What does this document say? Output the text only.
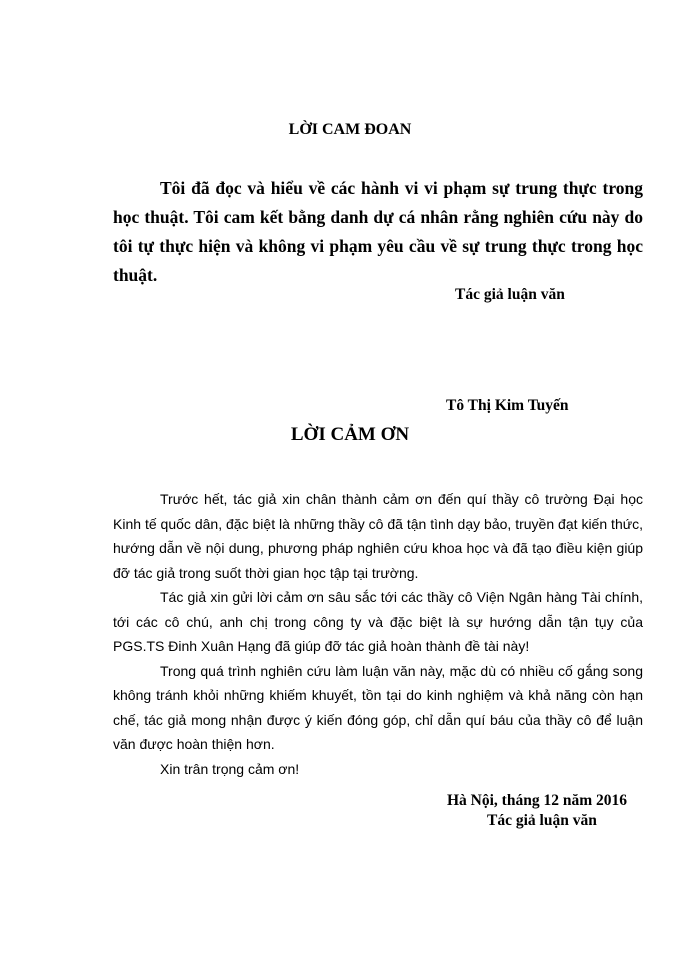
LỜI CAM ĐOAN
Tôi đã đọc và hiểu về các hành vi vi phạm sự trung thực trong học thuật. Tôi cam kết bằng danh dự cá nhân rằng nghiên cứu này do tôi tự thực hiện và không vi phạm yêu cầu về sự trung thực trong học thuật.
Tác giả luận văn
Tô Thị Kim Tuyến
LỜI CẢM ƠN

Trước hết, tác giả xin chân thành cảm ơn đến quí thầy cô trường Đại học Kinh tế quốc dân, đặc biệt là những thầy cô đã tận tình dạy bảo, truyền đạt kiến thức, hướng dẫn về nội dung, phương pháp nghiên cứu khoa học và đã tạo điều kiện giúp đỡ tác giả trong suốt thời gian học tập tại trường.

Tác giả xin gửi lời cảm ơn sâu sắc tới các thầy cô Viện Ngân hàng Tài chính, tới các cô chú, anh chị trong công ty và đặc biệt là sự hướng dẫn tận tụy của PGS.TS Đinh Xuân Hạng đã giúp đỡ tác giả hoàn thành đề tài này!

Trong quá trình nghiên cứu làm luận văn này, mặc dù có nhiều cố gắng song không tránh khỏi những khiếm khuyết, tồn tại do kinh nghiệm và khả năng còn hạn chế, tác giả mong nhận được ý kiến đóng góp, chỉ dẫn quí báu của thầy cô để luận văn được hoàn thiện hơn.

Xin trân trọng cảm ơn!

Hà Nội, tháng 12 năm 2016
Tác giả luận văn
